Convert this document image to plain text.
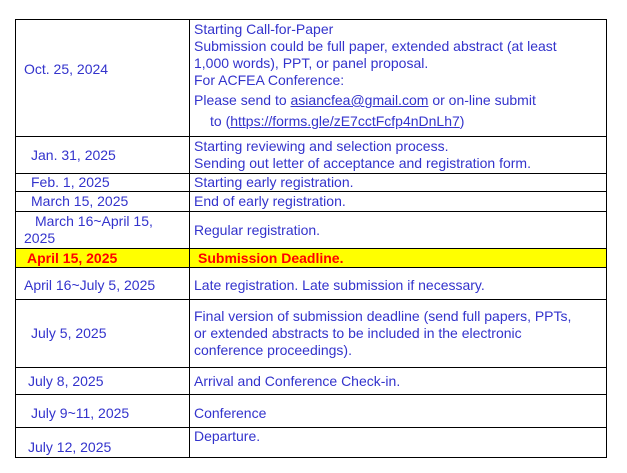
Oct. 25, 2024	Starting Call-for-Paper
Submission could be full paper, extended abstract (at least 1,000 words), PPT, or panel proposal.
For ACFEA Conference:
Please send to asiancfea@gmail.com or on-line submit
to (https://forms.gle/zE7cctFcfp4nDnLh7)

Jan. 31, 2025	Starting reviewing and selection process.
Sending out letter of acceptance and registration form.

Feb. 1, 2025	Starting early registration.
March 15, 2025	End of early registration.

March 16~April 15,
2025	Regular registration.
April 15, 2025	Submission Deadline.
April 16~July 5, 2025	Late registration. Late submission if necessary.
July 5, 2025	Final version of submission deadline (send full papers, PPTs, or extended abstracts to be included in the electronic conference proceedings).

July 8, 2025	Arrival and Conference Check-in.
July 9~11, 2025	Conference
July 12, 2025	Departure.
